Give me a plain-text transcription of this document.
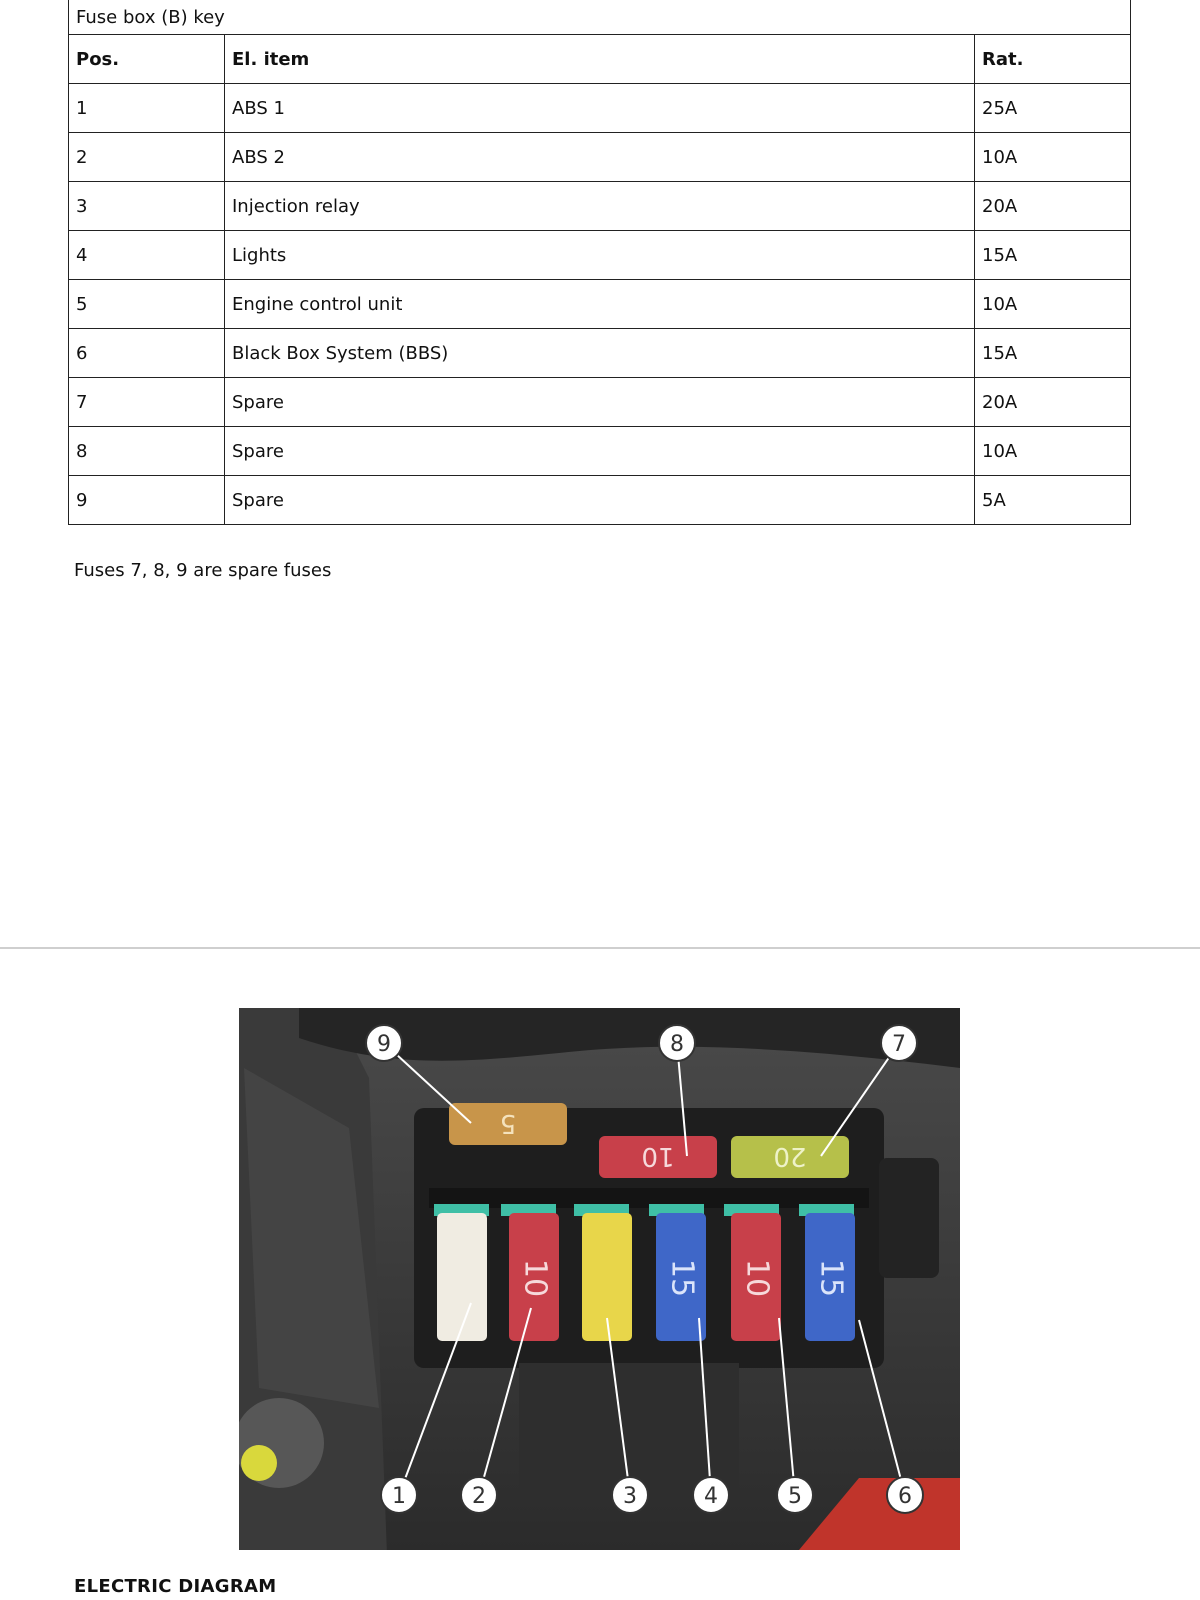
Fuse box (B) key		
Pos.	El. item	Rat.
1	ABS 1	25A
2	ABS 2	10A
3	Injection relay	20A
4	Lights	15A
5	Engine control unit	10A
6	Black Box System (BBS)	15A
7	Spare	20A
8	Spare	10A
9	Spare	5A
Fuses 7, 8, 9 are spare fuses
5
10	20
10	15 10 15
9	8	7
1	2	3	4	5	6
ELECTRIC DIAGRAM
